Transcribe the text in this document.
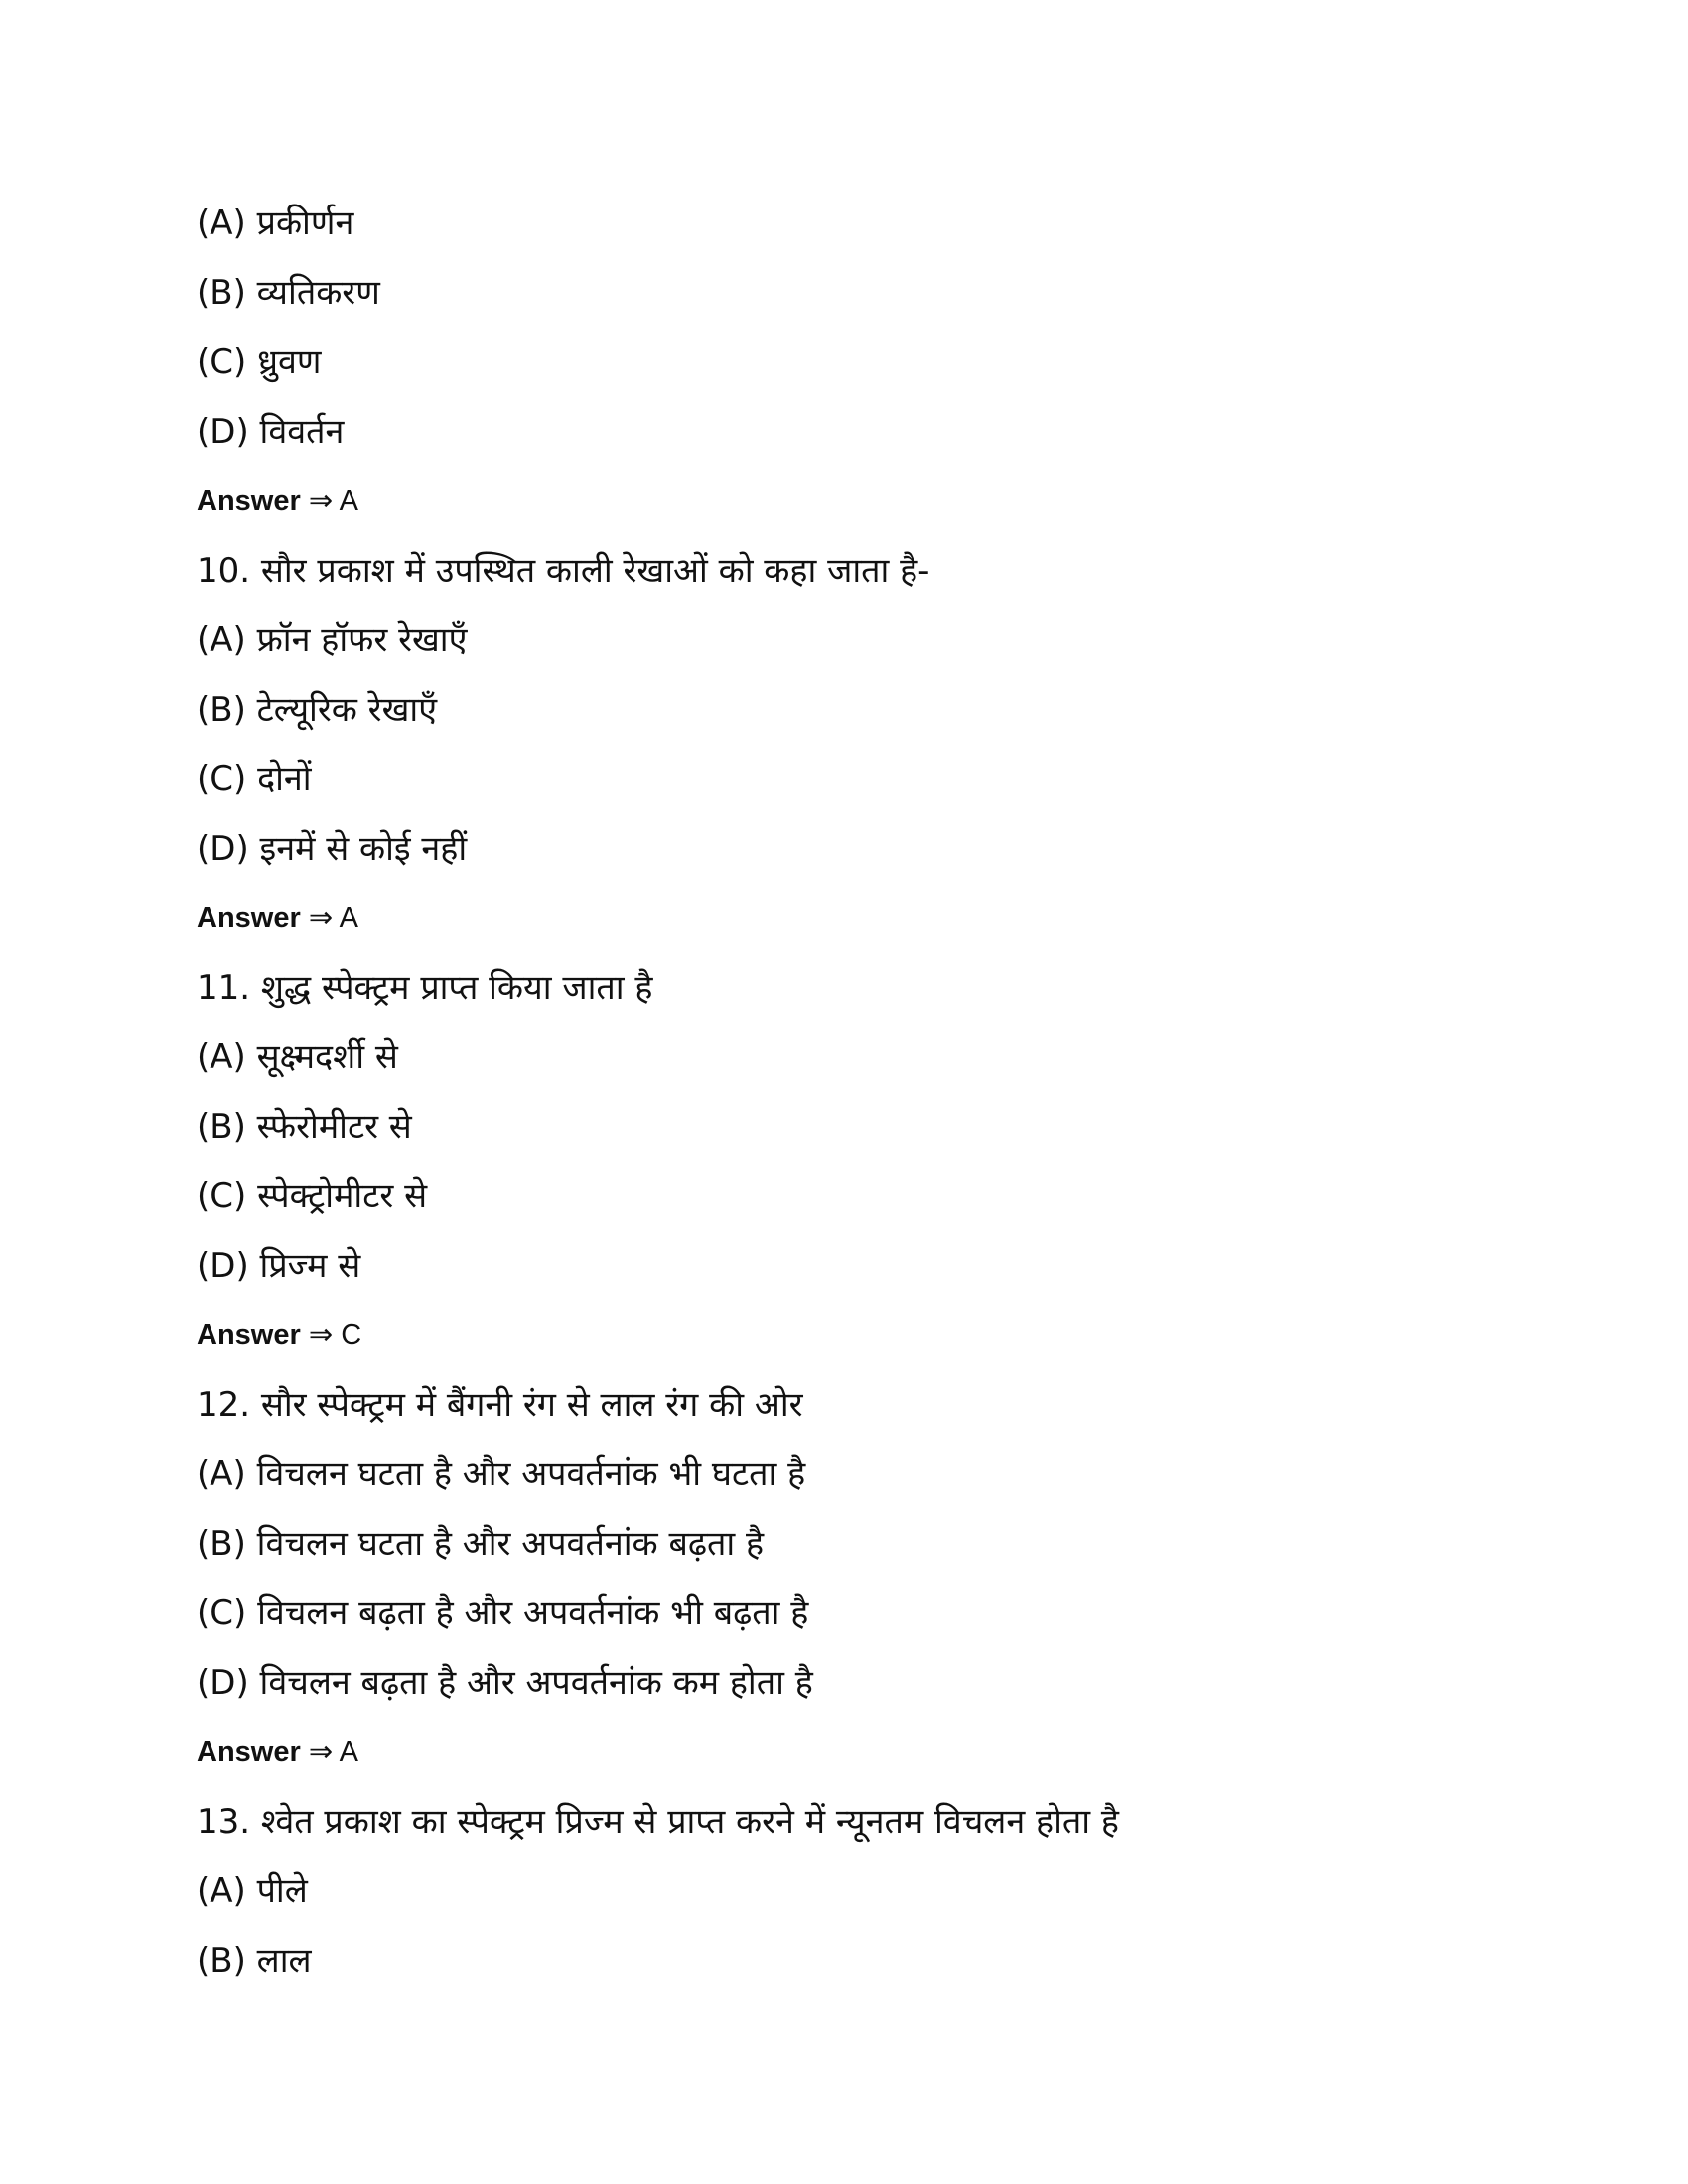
(A) प्रकीर्णन
(B) व्यतिकरण
(C) ध्रुवण
(D) विवर्तन
Answer ⇒ A
10. सौर प्रकाश में उपस्थित काली रेखाओं को कहा जाता है-
(A) फ्रॉन हॉफर रेखाएँ
(B) टेल्यूरिक रेखाएँ
(C) दोनों
(D) इनमें से कोई नहीं
Answer ⇒ A
11. शुद्ध स्पेक्ट्रम प्राप्त किया जाता है
(A) सूक्ष्मदर्शी से
(B) स्फेरोमीटर से
(C) स्पेक्ट्रोमीटर से
(D) प्रिज्म से
Answer ⇒ C
12. सौर स्पेक्ट्रम में बैंगनी रंग से लाल रंग की ओर
(A) विचलन घटता है और अपवर्तनांक भी घटता है
(B) विचलन घटता है और अपवर्तनांक बढ़ता है
(C) विचलन बढ़ता है और अपवर्तनांक भी बढ़ता है
(D) विचलन बढ़ता है और अपवर्तनांक कम होता है
Answer ⇒ A
13. श्वेत प्रकाश का स्पेक्ट्रम प्रिज्म से प्राप्त करने में न्यूनतम विचलन होता है
(A) पीले
(B) लाल
